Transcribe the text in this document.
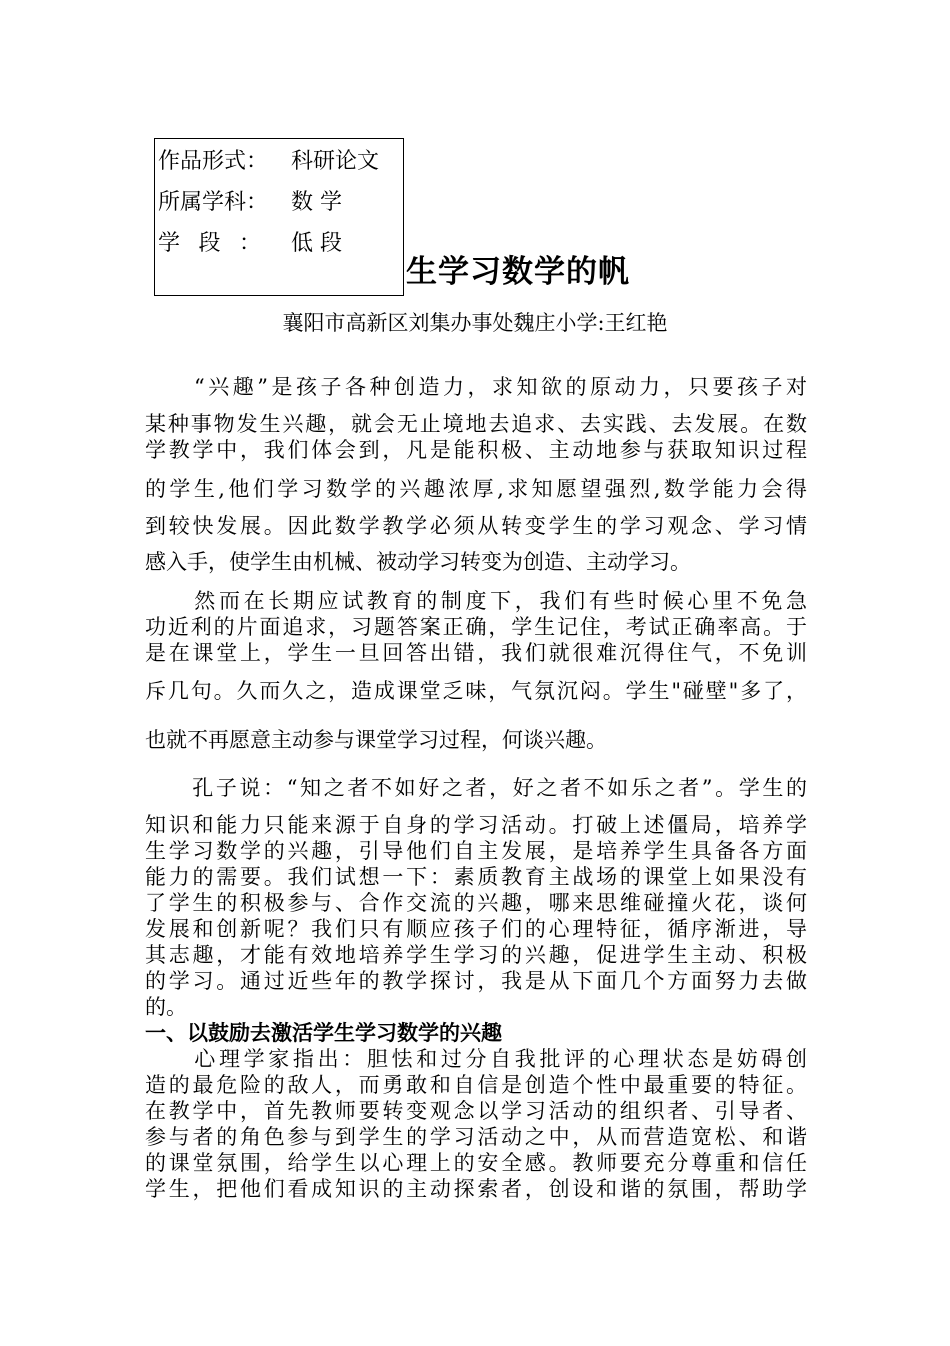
作品形式： 科研论文
所属学科： 数 学
学段： 低 段
生学习数学的帆
襄阳市高新区刘集办事处魏庄小学:王红艳
　　“兴趣”是孩子各种创造力，求知欲的原动力，只要孩子对
某种事物发生兴趣，就会无止境地去追求、去实践、去发展。在数
学教学中，我们体会到，凡是能积极、主动地参与获取知识过程
的学生,他们学习数学的兴趣浓厚,求知愿望强烈,数学能力会得
到较快发展。因此数学教学必须从转变学生的学习观念、学习情
感入手，使学生由机械、被动学习转变为创造、主动学习。
　　然而在长期应试教育的制度下，我们有些时候心里不免急
功近利的片面追求，习题答案正确，学生记住，考试正确率高。于
是在课堂上，学生一旦回答出错，我们就很难沉得住气，不免训
斥几句。久而久之，造成课堂乏味，气氛沉闷。学生"碰壁"多了，
也就不再愿意主动参与课堂学习过程，何谈兴趣。
　　孔子说：“知之者不如好之者，好之者不如乐之者”。学生的
知识和能力只能来源于自身的学习活动。打破上述僵局，培养学
生学习数学的兴趣，引导他们自主发展，是培养学生具备各方面
能力的需要。我们试想一下：素质教育主战场的课堂上如果没有
了学生的积极参与、合作交流的兴趣，哪来思维碰撞火花，谈何
发展和创新呢？我们只有顺应孩子们的心理特征，循序渐进，导
其志趣，才能有效地培养学生学习的兴趣，促进学生主动、积极
的学习。通过近些年的教学探讨，我是从下面几个方面努力去做
的。
一、以鼓励去激活学生学习数学的兴趣
　　心理学家指出：胆怯和过分自我批评的心理状态是妨碍创
造的最危险的敌人，而勇敢和自信是创造个性中最重要的特征。
在教学中，首先教师要转变观念以学习活动的组织者、引导者、
参与者的角色参与到学生的学习活动之中，从而营造宽松、和谐
的课堂氛围，给学生以心理上的安全感。教师要充分尊重和信任
学生，把他们看成知识的主动探索者，创设和谐的氛围，帮助学
